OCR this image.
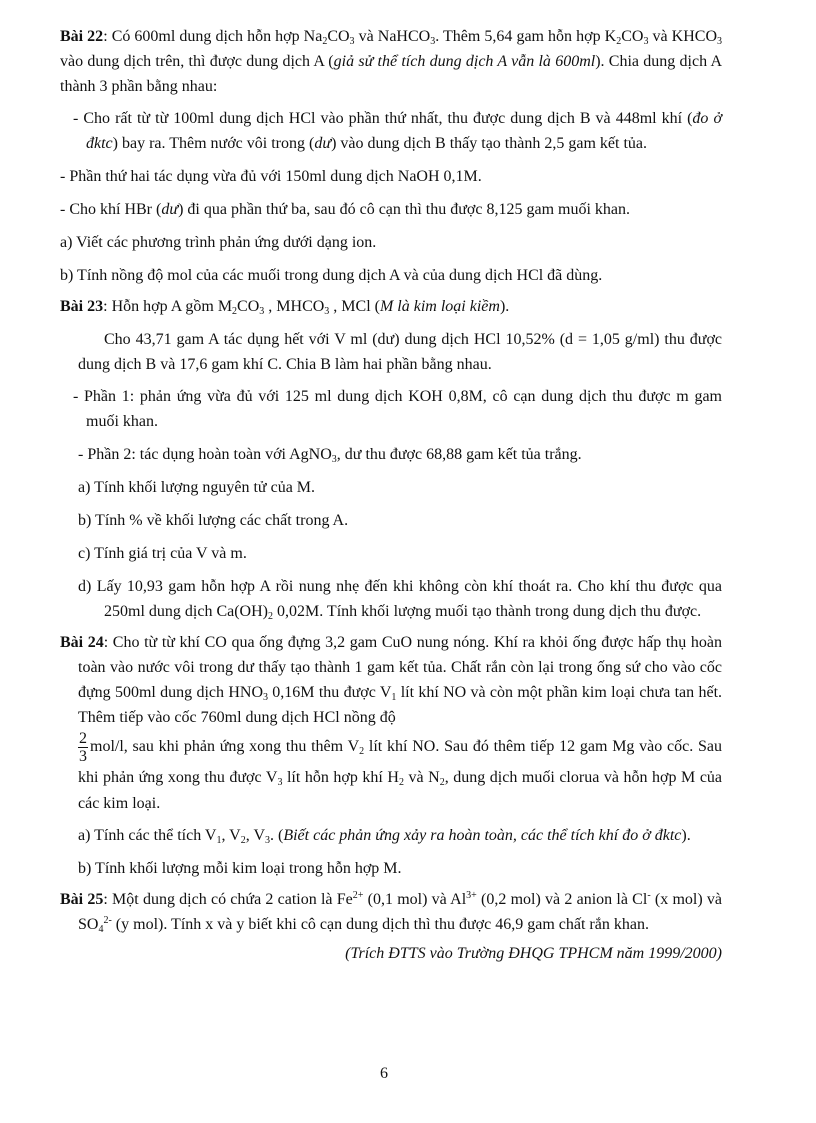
Bài 22: Có 600ml dung dịch hỗn hợp $Na_2CO_3$ và NaHCO$_3$. Thêm 5,64 gam hỗn hợp $K_2CO_3$ và $KHCO_3$ vào dung dịch trên, thì được dung dịch A (giả sử thể tích dung dịch A vẫn là 600ml). Chia dung dịch A thành 3 phần bằng nhau:

- Cho rất từ từ 100ml dung dịch HCl vào phần thứ nhất, thu được dung dịch B và 448ml khí (đo ở đktc) bay ra. Thêm nước vôi trong (dư) vào dung dịch B thấy tạo thành 2,5 gam kết tủa.

- Phần thứ hai tác dụng vừa đủ với 150ml dung dịch NaOH 0,1M.

- Cho khí HBr (dư) đi qua phần thứ ba, sau đó cô cạn thì thu được 8,125 gam muối khan.

a) Viết các phương trình phản ứng dưới dạng ion.

b) Tính nồng độ mol của các muối trong dung dịch A và của dung dịch HCl đã dùng.

Bài 23: Hỗn hợp A gồm $M_2CO_3$ , $MHCO_3$ , MCl (M là kim loại kiềm).

Cho 43,71 gam A tác dụng hết với V ml (dư) dung dịch HCl 10,52% (d = 1,05 g/ml) thu được dung dịch B và 17,6 gam khí C. Chia B làm hai phần bằng nhau.

- Phần 1: phản ứng vừa đủ với 125 ml dung dịch KOH 0,8M, cô cạn dung dịch thu được m gam muối khan.

- Phần 2: tác dụng hoàn toàn với AgNO$_3$, dư thu được 68,88 gam kết tủa trắng.

a) Tính khối lượng nguyên tử của M.

b) Tính % về khối lượng các chất trong A.

c) Tính giá trị của V và m.

d) Lấy 10,93 gam hỗn hợp A rồi nung nhẹ đến khi không còn khí thoát ra. Cho khí thu được qua 250ml dung dịch $Ca(OH)_2$ 0,02M. Tính khối lượng muối tạo thành trong dung dịch thu được.

Bài 24: Cho từ từ khí CO qua ống đựng 3,2 gam CuO nung nóng. Khí ra khỏi ống được hấp thụ hoàn toàn vào nước vôi trong dư thấy tạo thành 1 gam kết tủa. Chất rắn còn lại trong ống sứ cho vào cốc đựng 500ml dung dịch $HNO_3$ 0,16M thu được $V_1$ lít khí NO và còn một phần kim loại chưa tan hết. Thêm tiếp vào cốc 760ml dung dịch HCl nồng độ

$\frac{2}{3} mol/l$, sau khi phản ứng xong thu thêm $V_2$ lít khí NO. Sau đó thêm tiếp 12 gam Mg vào cốc. Sau khi phản ứng xong thu được $V_3$ lít hỗn hợp khí $H_2$ và $N_2$, dung dịch muối clorua và hỗn hợp M của các kim loại.

a) Tính các thể tích $V_1$, $V_2$, $V_3$. (Biết các phản ứng xảy ra hoàn toàn, các thể tích khí đo ở đktc).

b) Tính khối lượng mỗi kim loại trong hỗn hợp M.

Bài 25: Một dung dịch có chứa 2 cation là $Fe^{2+}$ (0,1 mol) và $Al^{3+}$ (0,2 mol) và 2 anion là Cl- (x mol) và $SO_4^{2-}$ (y mol). Tính x và y biết khi cô cạn dung dịch thì thu được 46,9 gam chất rắn khan.

(Trích ĐTTS vào Trường ĐHQG TPHCM năm 1999/2000)

6
